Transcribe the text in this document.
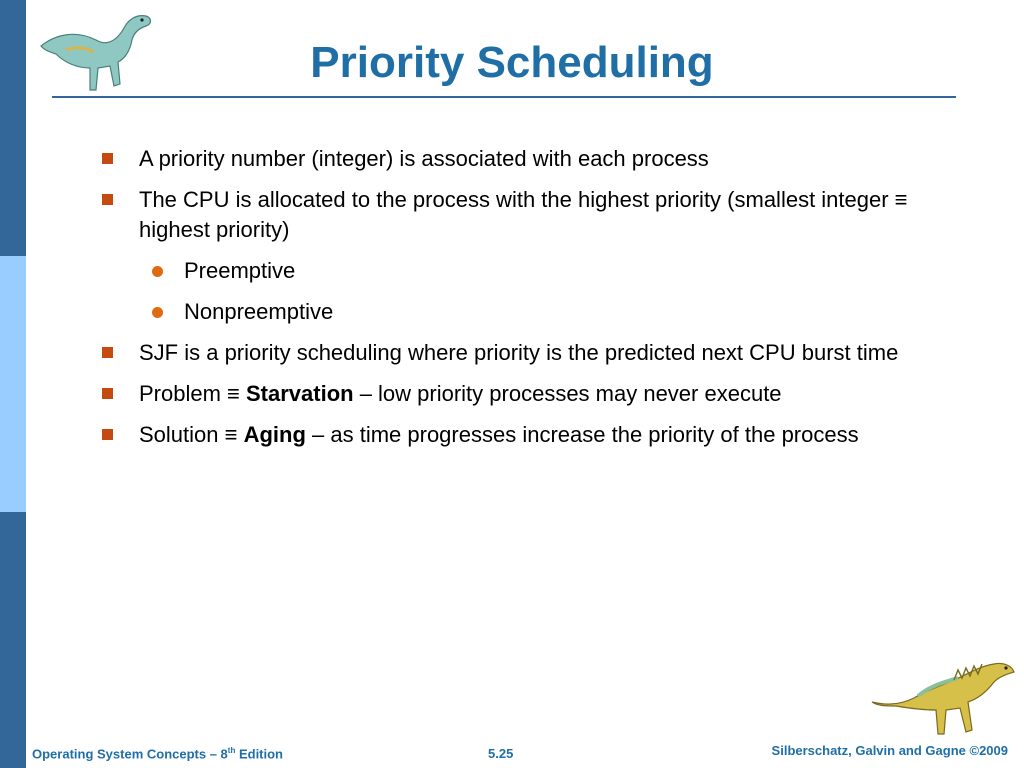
Priority Scheduling
A priority number (integer) is associated with each process
The CPU is allocated to the process with the highest priority (smallest integer ≡ highest priority)
Preemptive
Nonpreemptive
SJF is a priority scheduling where priority is the predicted next CPU burst time
Problem ≡ Starvation – low priority processes may never execute
Solution ≡ Aging – as time progresses increase the priority of the process
Operating System Concepts – 8th Edition	5.25	Silberschatz, Galvin and Gagne ©2009
